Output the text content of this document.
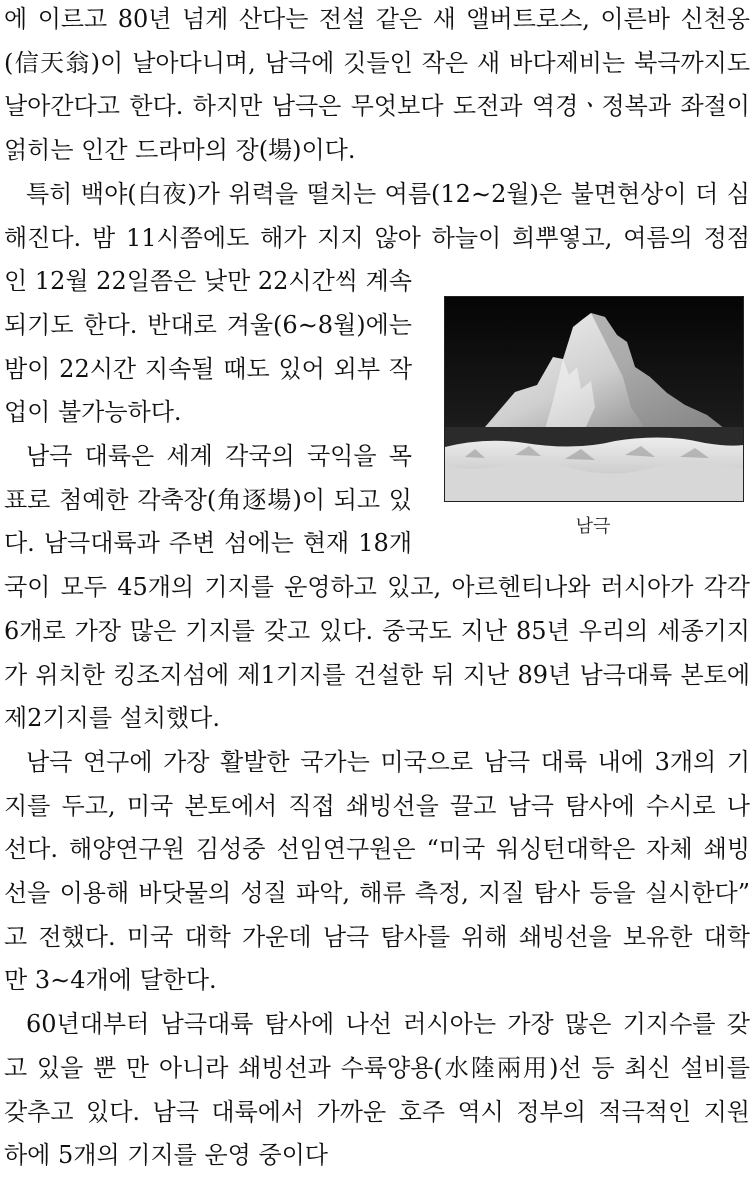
남극
에 이르고 80년 넘게 산다는 전설 같은 새 앨버트로스, 이른바 신천옹
(信天翁)이 날아다니며, 남극에 깃들인 작은 새 바다제비는 북극까지도
날아간다고 한다. 하지만 남극은 무엇보다 도전과 역경ㆍ정복과 좌절이
얽히는 인간 드라마의 장(場)이다.
특히 백야(白夜)가 위력을 떨치는 여름(12∼2월)은 불면현상이 더 심
해진다. 밤 11시쯤에도 해가 지지 않아 하늘이 희뿌옇고, 여름의 정점
인 12월 22일쯤은 낮만 22시간씩 계속
되기도 한다. 반대로 겨울(6∼8월)에는
밤이 22시간 지속될 때도 있어 외부 작
업이 불가능하다.
남극 대륙은 세계 각국의 국익을 목
표로 첨예한 각축장(角逐場)이 되고 있
다. 남극대륙과 주변 섬에는 현재 18개
국이 모두 45개의 기지를 운영하고 있고, 아르헨티나와 러시아가 각각
6개로 가장 많은 기지를 갖고 있다. 중국도 지난 85년 우리의 세종기지
가 위치한 킹조지섬에 제1기지를 건설한 뒤 지난 89년 남극대륙 본토에
제2기지를 설치했다.
남극 연구에 가장 활발한 국가는 미국으로 남극 대륙 내에 3개의 기
지를 두고, 미국 본토에서 직접 쇄빙선을 끌고 남극 탐사에 수시로 나
선다. 해양연구원 김성중 선임연구원은 “미국 워싱턴대학은 자체 쇄빙
선을 이용해 바닷물의 성질 파악, 해류 측정, 지질 탐사 등을 실시한다”
고 전했다. 미국 대학 가운데 남극 탐사를 위해 쇄빙선을 보유한 대학
만 3∼4개에 달한다.
60년대부터 남극대륙 탐사에 나선 러시아는 가장 많은 기지수를 갖
고 있을 뿐 만 아니라 쇄빙선과 수륙양용(水陸兩用)선 등 최신 설비를
갖추고 있다. 남극 대륙에서 가까운 호주 역시 정부의 적극적인 지원
하에 5개의 기지를 운영 중이다
